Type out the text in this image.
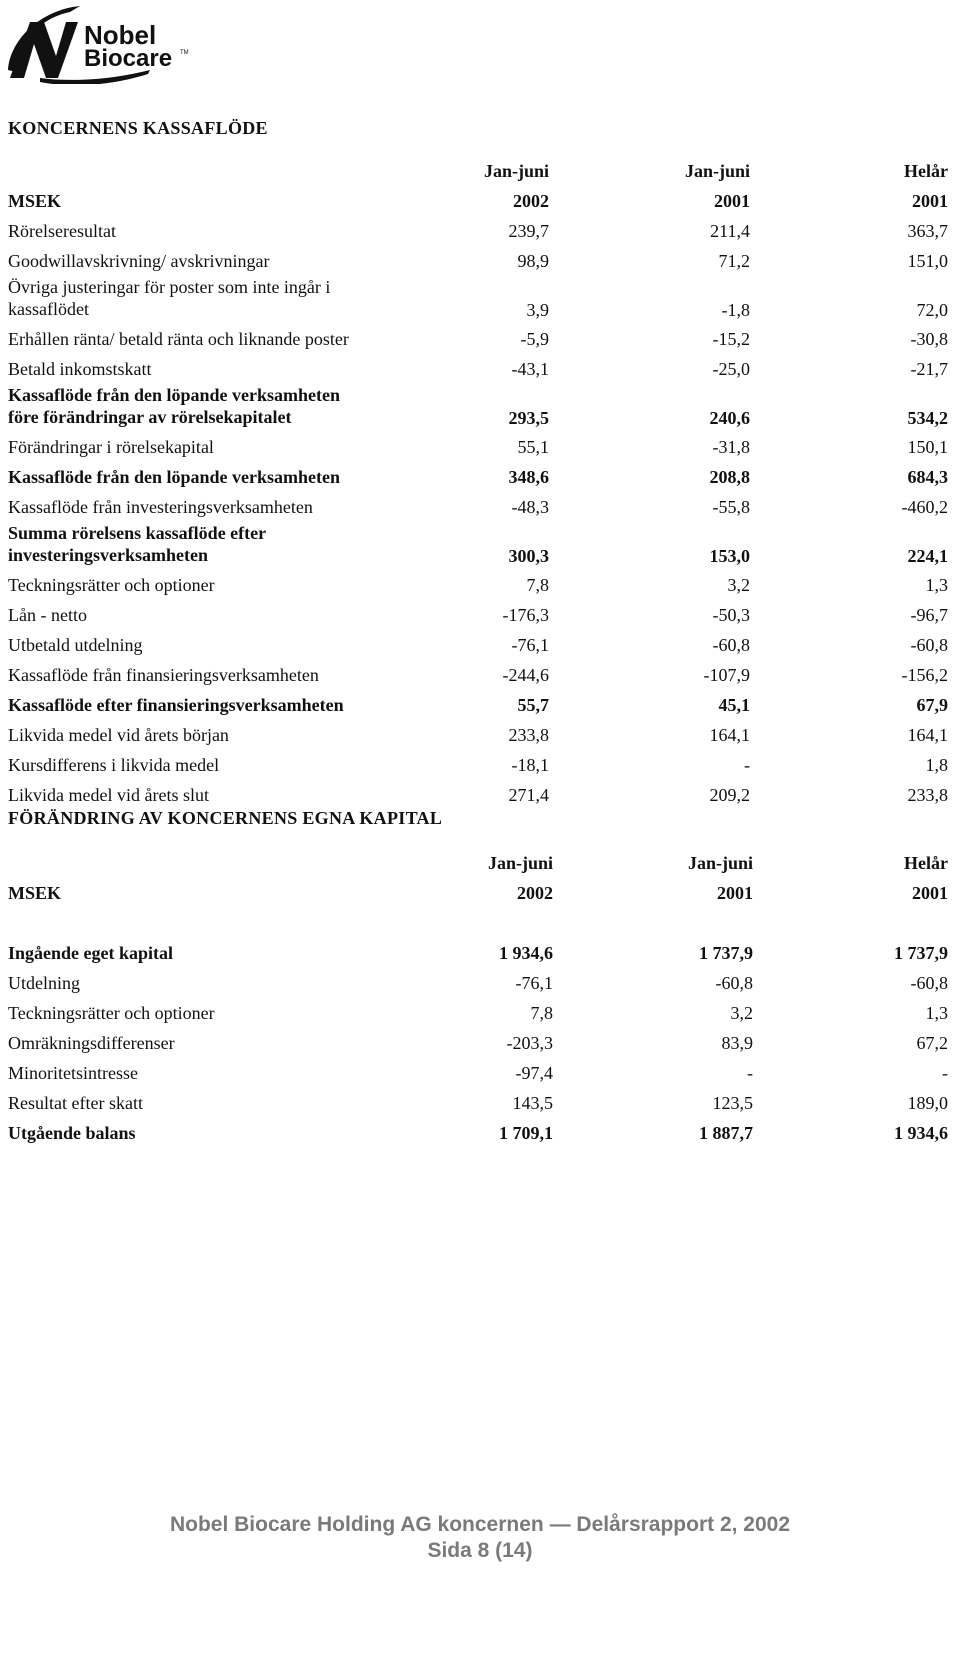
Nobel
Biocare TM
KONCERNENS KASSAFLÖDE
Jan-juni	Jan-juni	Helår
MSEK	2002	2001	2001
Rörelseresultat	239,7	211,4	363,7
Goodwillavskrivning/ avskrivningar	98,9	71,2	151,0
Övriga justeringar för poster som inte ingår i
kassaflödet	3,9	-1,8	72,0
Erhållen ränta/ betald ränta och liknande poster	-5,9	-15,2	-30,8
Betald inkomstskatt	-43,1	-25,0	-21,7
Kassaflöde från den löpande verksamheten
före förändringar av rörelsekapitalet	293,5	240,6	534,2
Förändringar i rörelsekapital	55,1	-31,8	150,1
Kassaflöde från den löpande verksamheten	348,6	208,8	684,3
Kassaflöde från investeringsverksamheten	-48,3	-55,8	-460,2
Summa rörelsens kassaflöde efter
investeringsverksamheten	300,3	153,0	224,1
Teckningsrätter och optioner	7,8	3,2	1,3
Lån - netto	-176,3	-50,3	-96,7
Utbetald utdelning	-76,1	-60,8	-60,8
Kassaflöde från finansieringsverksamheten	-244,6	-107,9	-156,2
Kassaflöde efter finansieringsverksamheten	55,7	45,1	67,9
Likvida medel vid årets början	233,8	164,1	164,1
Kursdifferens i likvida medel	-18,1	-	1,8
Likvida medel vid årets slut	271,4	209,2	233,8
FÖRÄNDRING AV KONCERNENS EGNA KAPITAL
Jan-juni	Jan-juni	Helår
MSEK	2002	2001	2001
Ingående eget kapital	1 934,6	1 737,9	1 737,9
Utdelning	-76,1	-60,8	-60,8
Teckningsrätter och optioner	7,8	3,2	1,3
Omräkningsdifferenser	-203,3	83,9	67,2
Minoritetsintresse	-97,4	-	-
Resultat efter skatt	143,5	123,5	189,0
Utgående balans	1 709,1	1 887,7	1 934,6
Nobel Biocare Holding AG koncernen — Delårsrapport 2, 2002
Sida 8 (14)
